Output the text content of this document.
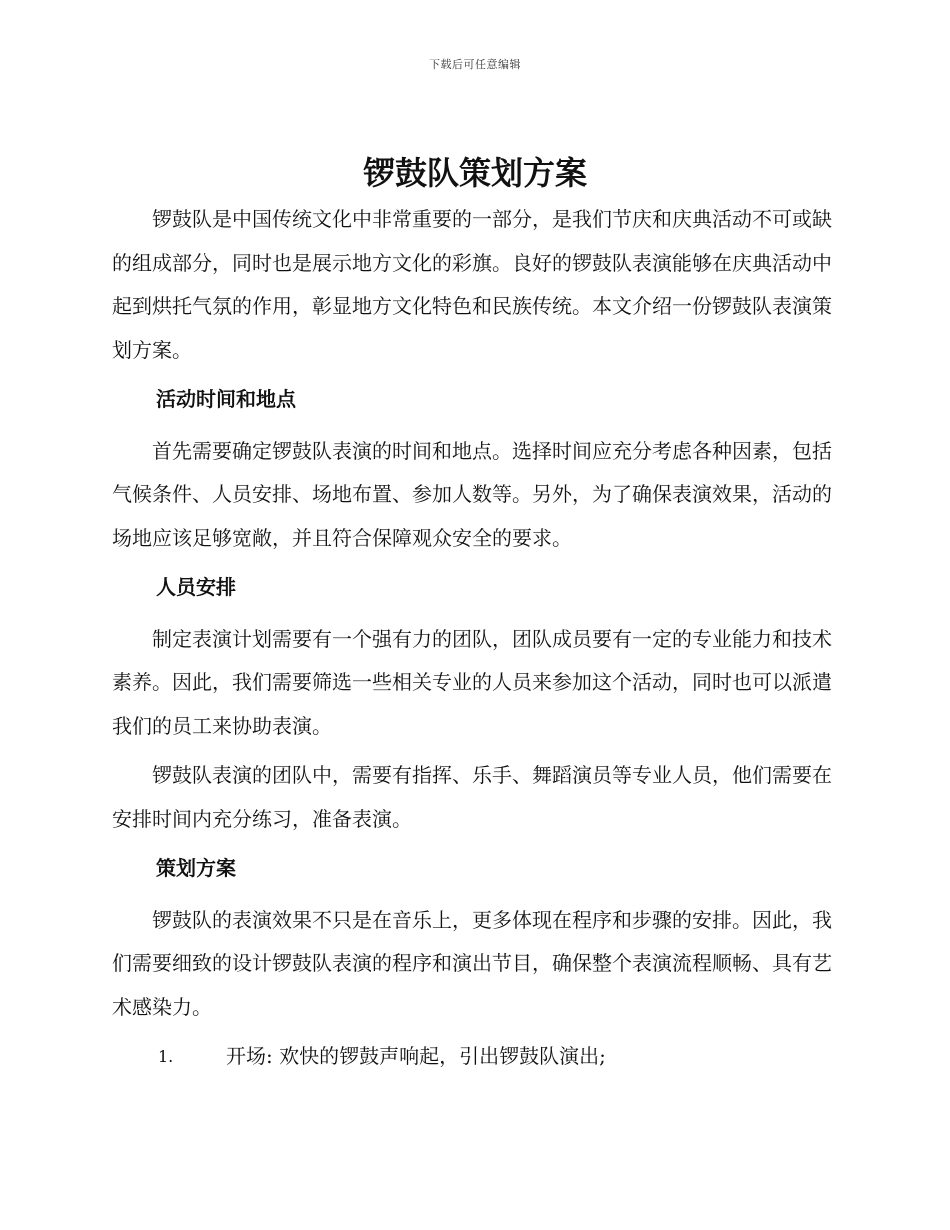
下载后可任意编辑
锣鼓队策划方案

锣鼓队是中国传统文化中非常重要的一部分，是我们节庆和庆典活动不可或缺的组成部分，同时也是展示地方文化的彩旗。良好的锣鼓队表演能够在庆典活动中起到烘托气氛的作用，彰显地方文化特色和民族传统。本文介绍一份锣鼓队表演策划方案。

活动时间和地点

首先需要确定锣鼓队表演的时间和地点。选择时间应充分考虑各种因素，包括气候条件、人员安排、场地布置、参加人数等。另外，为了确保表演效果，活动的场地应该足够宽敞，并且符合保障观众安全的要求。

人员安排

制定表演计划需要有一个强有力的团队，团队成员要有一定的专业能力和技术素养。因此，我们需要筛选一些相关专业的人员来参加这个活动，同时也可以派遣我们的员工来协助表演。

锣鼓队表演的团队中，需要有指挥、乐手、舞蹈演员等专业人员，他们需要在安排时间内充分练习，准备表演。

策划方案

锣鼓队的表演效果不只是在音乐上，更多体现在程序和步骤的安排。因此，我们需要细致的设计锣鼓队表演的程序和演出节目，确保整个表演流程顺畅、具有艺术感染力。

1.	开场: 欢快的锣鼓声响起，引出锣鼓队演出;
